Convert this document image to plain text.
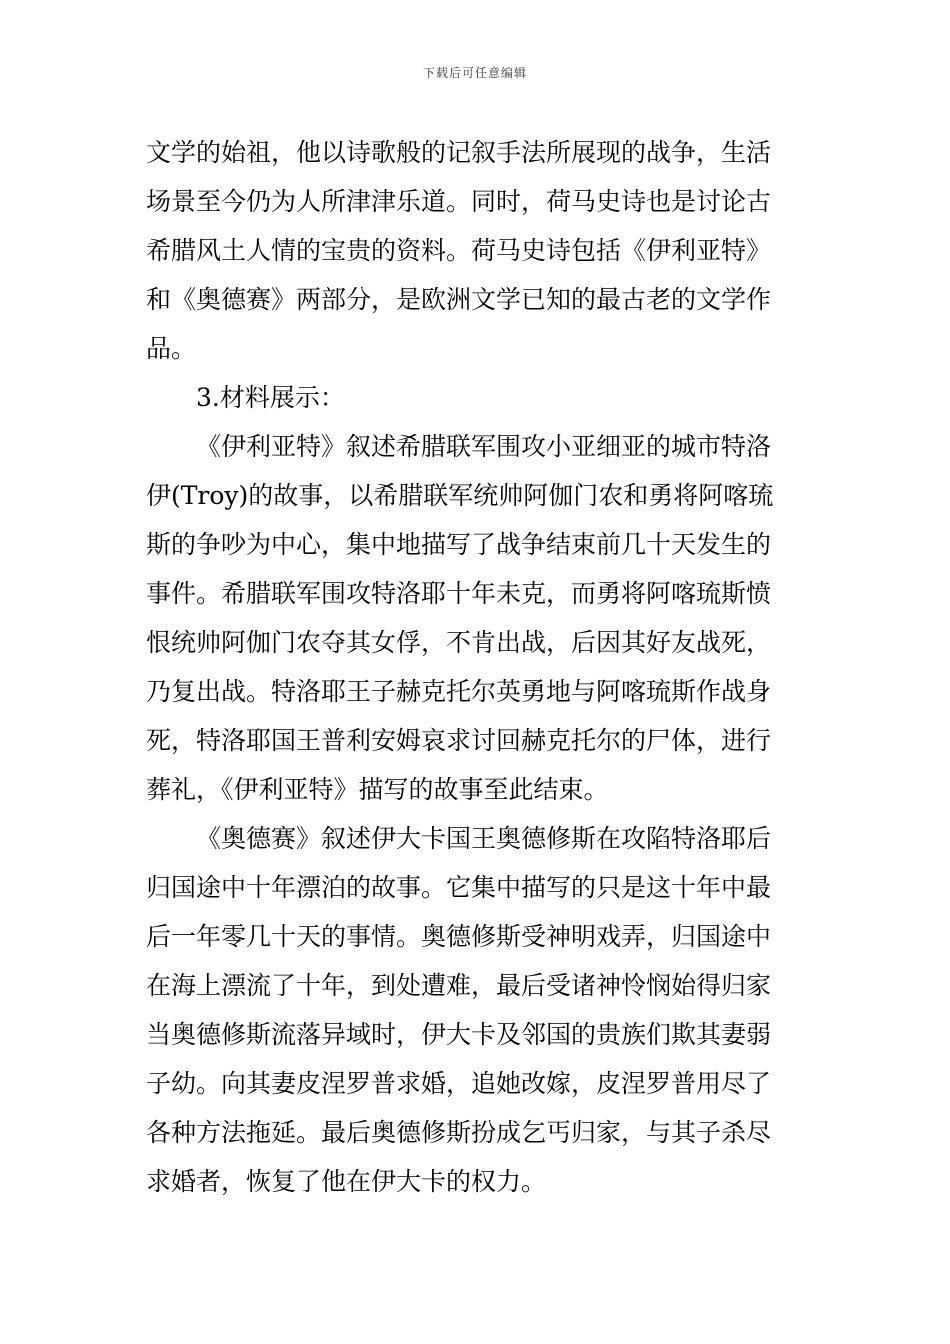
下载后可任意编辑
文学的始祖，他以诗歌般的记叙手法所展现的战争，生活
场景至今仍为人所津津乐道。同时，荷马史诗也是讨论古
希腊风土人情的宝贵的资料。荷马史诗包括《伊利亚特》
和《奥德赛》两部分，是欧洲文学已知的最古老的文学作
品。
3.材料展示：
《伊利亚特》叙述希腊联军围攻小亚细亚的城市特洛
伊(Troy)的故事，以希腊联军统帅阿伽门农和勇将阿喀琉
斯的争吵为中心，集中地描写了战争结束前几十天发生的
事件。希腊联军围攻特洛耶十年未克，而勇将阿喀琉斯愤
恨统帅阿伽门农夺其女俘，不肯出战，后因其好友战死，
乃复出战。特洛耶王子赫克托尔英勇地与阿喀琉斯作战身
死，特洛耶国王普利安姆哀求讨回赫克托尔的尸体，进行
葬礼，《伊利亚特》描写的故事至此结束。
《奥德赛》叙述伊大卡国王奥德修斯在攻陷特洛耶后
归国途中十年漂泊的故事。它集中描写的只是这十年中最
后一年零几十天的事情。奥德修斯受神明戏弄，归国途中
在海上漂流了十年，到处遭难，最后受诸神怜悯始得归家
当奥德修斯流落异域时，伊大卡及邻国的贵族们欺其妻弱
子幼。向其妻皮涅罗普求婚，追她改嫁，皮涅罗普用尽了
各种方法拖延。最后奥德修斯扮成乞丐归家，与其子杀尽
求婚者，恢复了他在伊大卡的权力。
